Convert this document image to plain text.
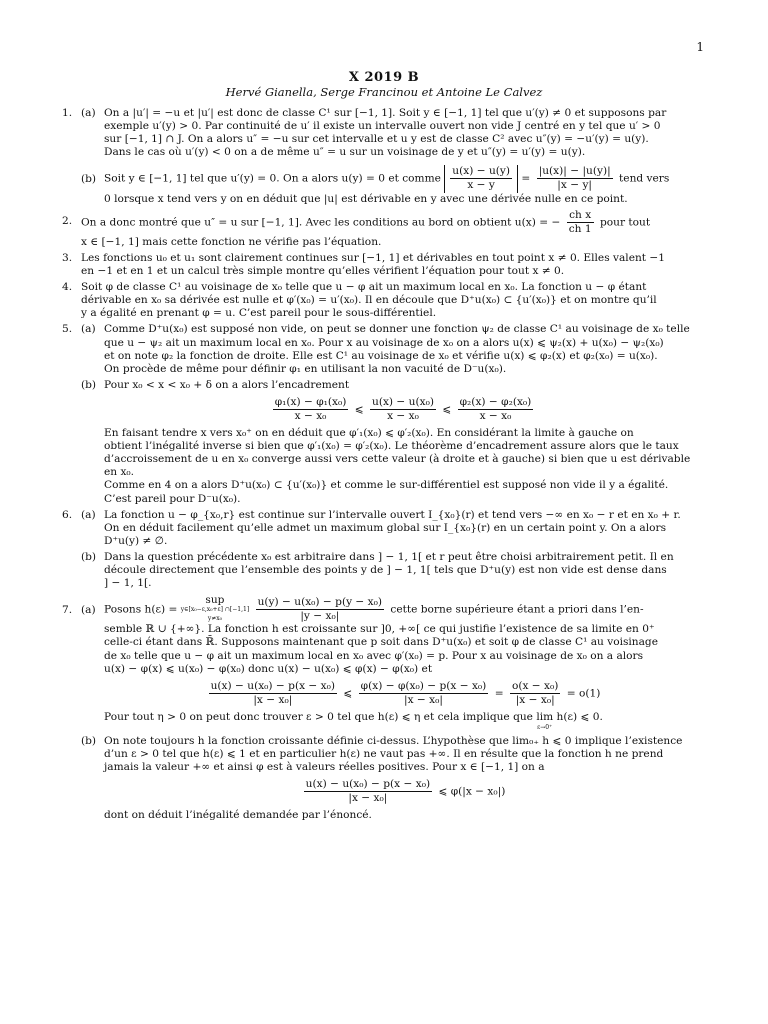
1
X 2019 B
Hervé Gianella, Serge Francinou et Antoine Le Calvez
1. (a) On a |u′| = −u et |u′| est donc de classe C¹ sur [−1, 1]. Soit y ∈ [−1, 1] tel que u′(y) ≠ 0 et supposons par

exemple u′(y) > 0. Par continuité de u′ il existe un intervalle ouvert non vide J centré en y tel que u′ > 0

sur [−1, 1] ∩ J. On a alors u″ = −u sur cet intervalle et u y est de classe C² avec u″(y) = −u′(y) = u(y).

Dans le cas où u′(y) < 0 on a de même u″ = u sur un voisinage de y et u″(y) = u′(y) = u(y).

(b) Soit y ∈ [−1, 1] tel que u′(y) = 0. On a alors u(y) = 0 et comme $\frac{u(x) - u(y)}{x - y} = \frac{|u(x)| - |u(y)|}{|x - y|}$ tend vers

0 lorsque x tend vers y on en déduit que |u| est dérivable en y avec une dérivée nulle en ce point.

2. On a donc montré que u″ = u sur [−1, 1]. Avec les conditions au bord on obtient u(x) = − $\frac{\text{ch x}}{ch 1}$ pour tout

x ∈ [−1, 1] mais cette fonction ne vérifie pas l’équation.

3. Les fonctions u₀ et u₁ sont clairement continues sur [−1, 1] et dérivables en tout point x ≠ 0. Elles valent −1

en −1 et en 1 et un calcul très simple montre qu’elles vérifient l’équation pour tout x ≠ 0.

4. Soit φ de classe C¹ au voisinage de x₀ telle que u − φ ait un maximum local en x₀. La fonction u − φ étant

dérivable en x₀ sa dérivée est nulle et φ′(x₀) = u′(x₀). Il en découle que D⁺u(x₀) ⊂ {u′(x₀)} et on montre qu’il

y a égalité en prenant φ = u. C’est pareil pour le sous-différentiel.

5. (a) Comme D⁺u(x₀) est supposé non vide, on peut se donner une fonction ψ₂ de classe C¹ au voisinage de x₀ telle

que u − ψ₂ ait un maximum local en x₀. Pour x au voisinage de x₀ on a alors u(x) ⩽ ψ₂(x) + u(x₀) − ψ₂(x₀)

et on note φ₂ la fonction de droite. Elle est C¹ au voisinage de x₀ et vérifie u(x) ⩽ φ₂(x) et φ₂(x₀) = u(x₀).

On procède de même pour définir φ₁ en utilisant la non vacuité de D⁻u(x₀).

(b) Pour x₀ < x < x₀ + δ on a alors l’encadrement

$\frac{\text{φ₁(x) − φ₁(x₀)}}{\text{x − x₀}}$ ⩽ $\frac{\text{u(x) − u(x₀)}}{\text{x − x₀}}$ ⩽ $\frac{\text{φ₂(x) − φ₂(x₀)}}{\text{x − x₀}}$

En faisant tendre x vers x₀⁺ on en déduit que φ′₁(x₀) ⩽ φ′₂(x₀). En considérant la limite à gauche on

obtient l’inégalité inverse si bien que φ′₁(x₀) = φ′₂(x₀). Le théorème d’encadrement assure alors que le taux

d’accroissement de u en x₀ converge aussi vers cette valeur (à droite et à gauche) si bien que u est dérivable

en x₀.

Comme en 4 on a alors D⁺u(x₀) ⊂ {u′(x₀)} et comme le sur-différentiel est supposé non vide il y a égalité.

C’est pareil pour D⁻u(x₀).

6. (a) La fonction u − φ_{x₀,r} est continue sur l’intervalle ouvert I_{x₀}(r) et tend vers −∞ en x₀ − r et en x₀ + r.

On en déduit facilement qu’elle admet un maximum global sur I_{x₀}(r) en un certain point y. On a alors

D⁺u(y) ≠ ∅.

(b) Dans la question précédente x₀ est arbitraire dans ] − 1, 1[ et r peut être choisi arbitrairement petit. Il en

découle directement que l’ensemble des points y de ] − 1, 1[ tels que D⁺u(y) est non vide est dense dans

] − 1, 1[.

7. (a) Posons h(ε) =
sup
y∈[x₀−ε,x₀+ε] ∩[−1,1]
y≠x₀
	$\frac{\text{u(y) − u(x₀) − p(y − x₀)}}{\text{|y − x₀|}}$ cette borne supérieure étant a priori dans l’en-

semble ℝ ∪ {+∞}. La fonction h est croissante sur ]0, +∞[ ce qui justifie l’existence de sa limite en 0⁺

celle-ci étant dans ℝ̄. Supposons maintenant que p soit dans D⁺u(x₀) et soit φ de classe C¹ au voisinage

de x₀ telle que u − φ ait un maximum local en x₀ avec φ′(x₀) = p. Pour x au voisinage de x₀ on a alors

u(x) − φ(x) ⩽ u(x₀) − φ(x₀) donc u(x) − u(x₀) ⩽ φ(x) − φ(x₀) et

$\frac{\text{u(x) − u(x₀) − p(x − x₀)}}{\text{|x − x₀|}}$ ⩽ $\frac{\text{φ(x) − φ(x₀) − p(x − x₀)}}{\text{|x − x₀|}} = \frac{\text{o(x − x₀)}}{\text{|x − x₀|}} = o(1)$

Pour tout η > 0 on peut donc trouver ε > 0 tel que h(ε) ⩽ η et cela implique que lim
ε→0⁺
h(ε) ⩽ 0.

(b) On note toujours h la fonction croissante définie ci-dessus. L’hypothèse que lim₀₊ h ⩽ 0 implique l’existence

d’un ε > 0 tel que h(ε) ⩽ 1 et en particulier h(ε) ne vaut pas +∞. Il en résulte que la fonction h ne prend

jamais la valeur +∞ et ainsi φ est à valeurs réelles positives. Pour x ∈ [−1, 1] on a

$\frac{\text{u(x) − u(x₀) − p(x − x₀)}}{\text{|x − x₀|}}$ ⩽ φ(|x − x₀|)

dont on déduit l’inégalité demandée par l’énoncé.
